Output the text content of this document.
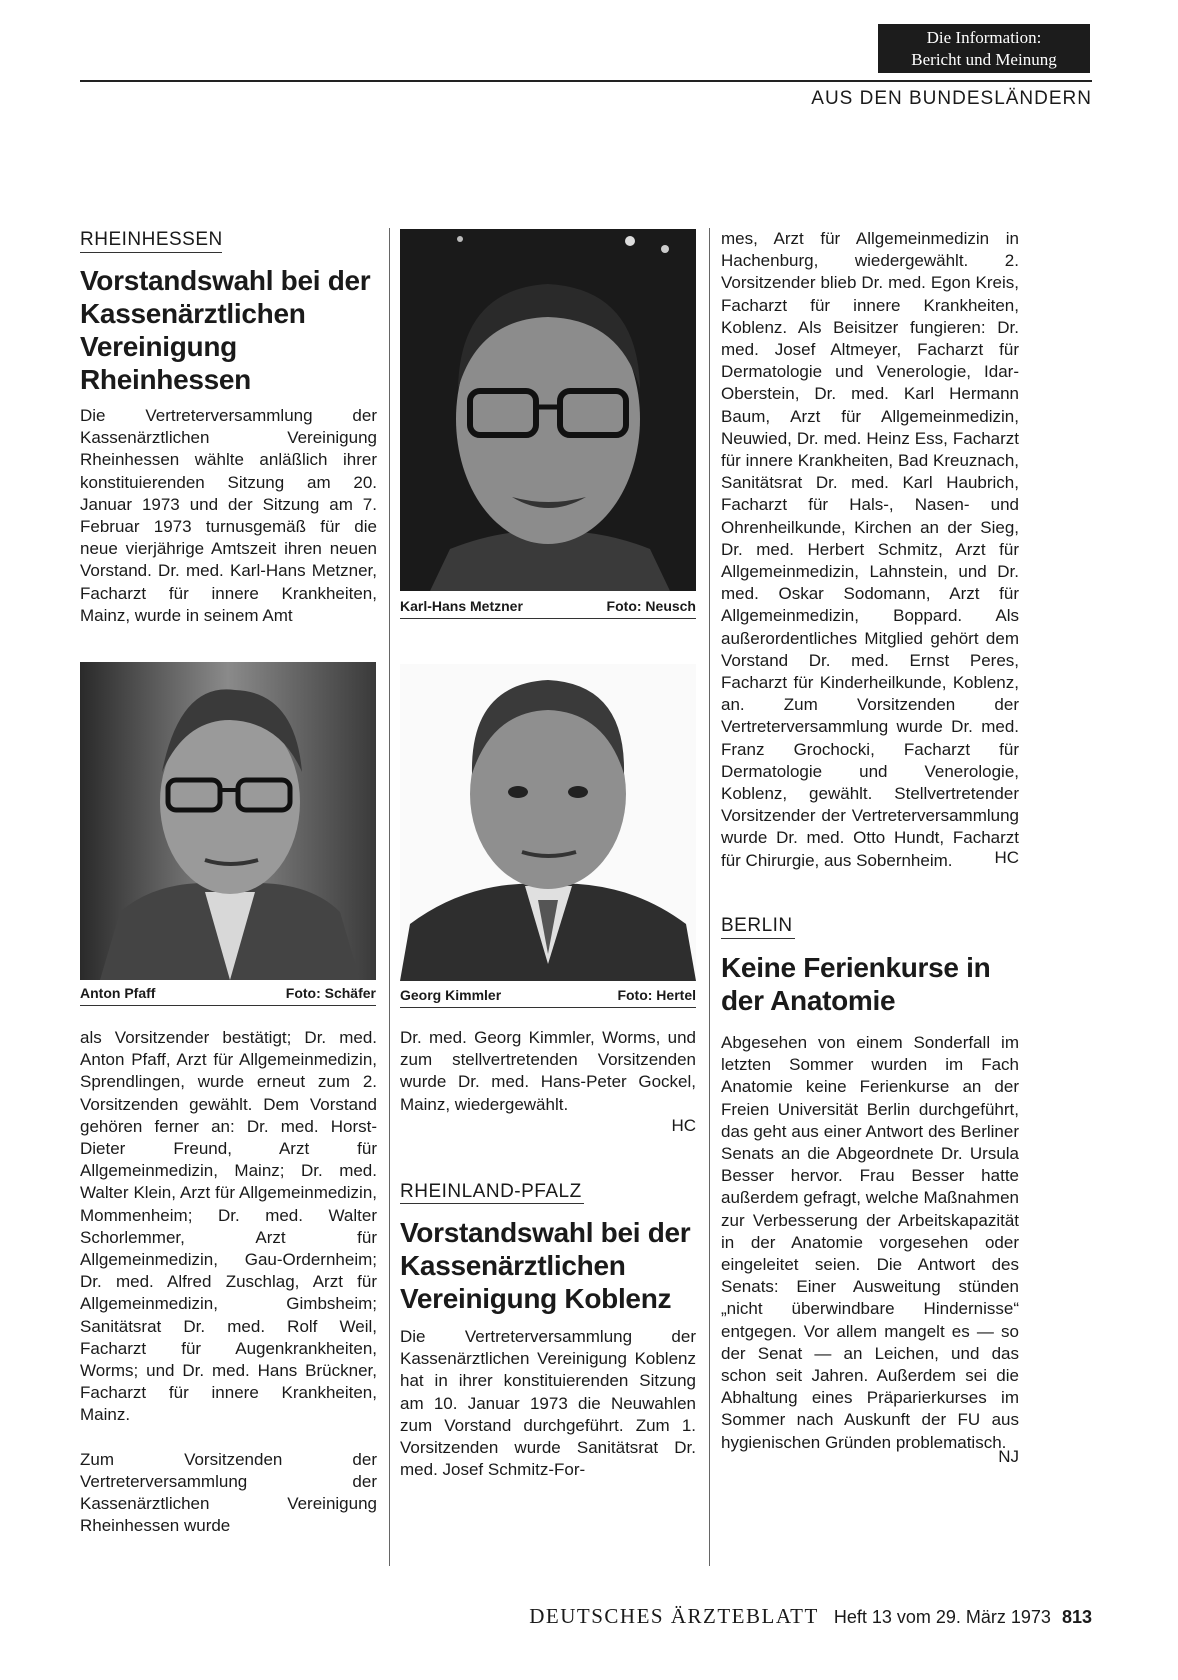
Die Information:
Bericht und Meinung
AUS DEN BUNDESLÄNDERN
RHEINHESSEN
Vorstandswahl bei der Kassenärztlichen Vereinigung Rheinhessen

Die Vertreterversammlung der Kassenärztlichen Vereinigung Rheinhessen wählte anläßlich ihrer konstituierenden Sitzung am 20. Januar 1973 und der Sitzung am 7. Februar 1973 turnusgemäß für die neue vierjährige Amtszeit ihren neuen Vorstand. Dr. med. Karl-Hans Metzner, Facharzt für innere Krankheiten, Mainz, wurde in seinem Amt

Anton Pfaff	Foto: Schäfer

als Vorsitzender bestätigt; Dr. med. Anton Pfaff, Arzt für Allgemeinmedizin, Sprendlingen, wurde erneut zum 2. Vorsitzenden gewählt. Dem Vorstand gehören ferner an: Dr. med. Horst-Dieter Freund, Arzt für Allgemeinmedizin, Mainz; Dr. med. Walter Klein, Arzt für Allgemeinmedizin, Mommenheim; Dr. med. Walter Schorlemmer, Arzt für Allgemeinmedizin, Gau-Ordernheim; Dr. med. Alfred Zuschlag, Arzt für Allgemeinmedizin, Gimbsheim; Sanitätsrat Dr. med. Rolf Weil, Facharzt für Augenkrankheiten, Worms; und Dr. med. Hans Brückner, Facharzt für innere Krankheiten, Mainz.

Zum Vorsitzenden der Vertreterversammlung der Kassenärztlichen Vereinigung Rheinhessen wurde

Karl-Hans Metzner	Foto: Neusch
Georg Kimmler	Foto: Hertel

Dr. med. Georg Kimmler, Worms, und zum stellvertretenden Vorsitzenden wurde Dr. med. Hans-Peter Gockel, Mainz, wiedergewählt.

HC
RHEINLAND-PFALZ
Vorstandswahl bei der Kassenärztlichen Vereinigung Koblenz

Die Vertreterversammlung der Kassenärztlichen Vereinigung Koblenz hat in ihrer konstituierenden Sitzung am 10. Januar 1973 die Neuwahlen zum Vorstand durchgeführt. Zum 1. Vorsitzenden wurde Sanitätsrat Dr. med. Josef Schmitz-For-

mes, Arzt für Allgemeinmedizin in Hachenburg, wiedergewählt. 2. Vorsitzender blieb Dr. med. Egon Kreis, Facharzt für innere Krankheiten, Koblenz. Als Beisitzer fungieren: Dr. med. Josef Altmeyer, Facharzt für Dermatologie und Venerologie, Idar-Oberstein, Dr. med. Karl Hermann Baum, Arzt für Allgemeinmedizin, Neuwied, Dr. med. Heinz Ess, Facharzt für innere Krankheiten, Bad Kreuznach, Sanitätsrat Dr. med. Karl Haubrich, Facharzt für Hals-, Nasen- und Ohrenheilkunde, Kirchen an der Sieg, Dr. med. Herbert Schmitz, Arzt für Allgemeinmedizin, Lahnstein, und Dr. med. Oskar Sodomann, Arzt für Allgemeinmedizin, Boppard. Als außerordentliches Mitglied gehört dem Vorstand Dr. med. Ernst Peres, Facharzt für Kinderheilkunde, Koblenz, an. Zum Vorsitzenden der Vertreterversammlung wurde Dr. med. Franz Grochocki, Facharzt für Dermatologie und Venerologie, Koblenz, gewählt. Stellvertretender Vorsitzender der Vertreterversammlung wurde Dr. med. Otto Hundt, Facharzt für Chirurgie, aus Sobernheim.	HC
BERLIN
Keine Ferienkurse in der Anatomie

Abgesehen von einem Sonderfall im letzten Sommer wurden im Fach Anatomie keine Ferienkurse an der Freien Universität Berlin durchgeführt, das geht aus einer Antwort des Berliner Senats an die Abgeordnete Dr. Ursula Besser hervor. Frau Besser hatte außerdem gefragt, welche Maßnahmen zur Verbesserung der Arbeitskapazität in der Anatomie vorgesehen oder eingeleitet seien. Die Antwort des Senats: Einer Ausweitung stünden „nicht überwindbare Hindernisse“ entgegen. Vor allem mangelt es — so der Senat — an Leichen, und das schon seit Jahren. Außerdem sei die Abhaltung eines Präparierkurses im Sommer nach Auskunft der FU aus hygienischen Gründen problematisch.

NJ
DEUTSCHES ÄRZTEBLATT Heft 13 vom 29. März 1973 813
